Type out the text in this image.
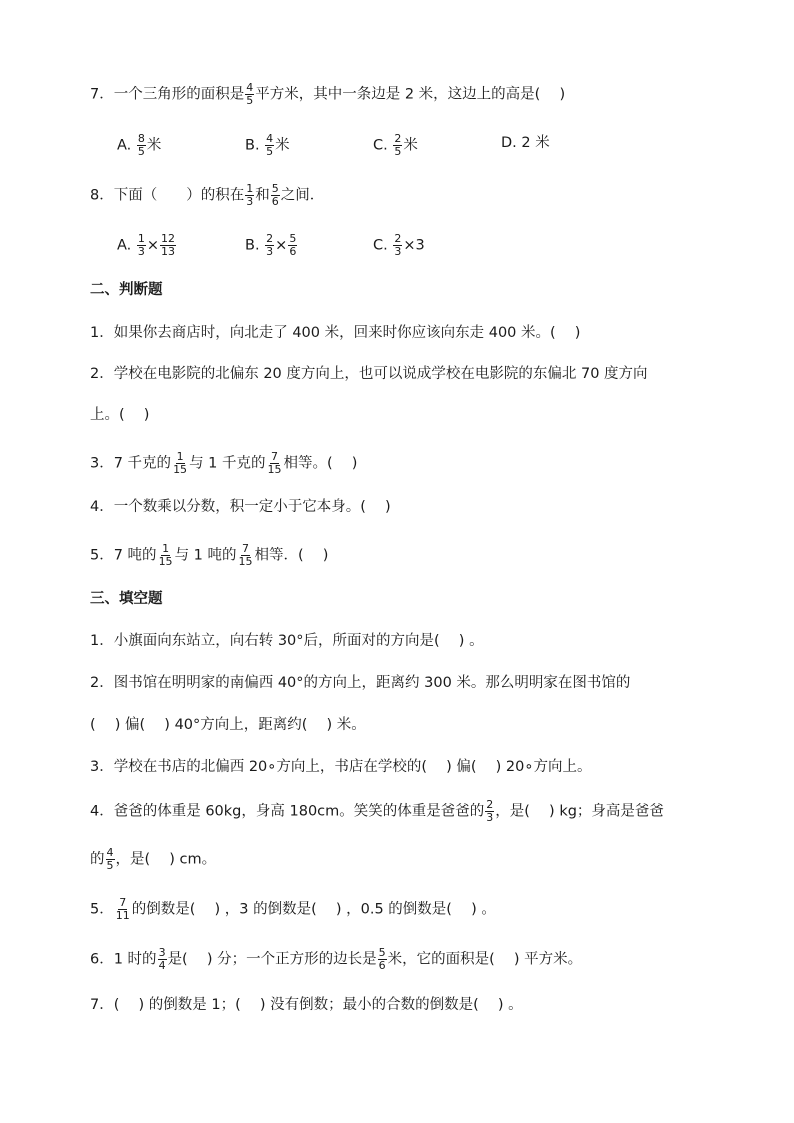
7．一个三角形的面积是 $\frac{4}{5}$ 平方米，其中一条边是 2 米，这边上的高是(　 )
A. $\frac{8}{5}$ 米	B. $\frac{4}{5}$ 米	C. $\frac{2}{5}$ 米	D. 2 米
8．下面（　　）的积在 $\frac{1}{3}$ 和 $\frac{5}{6}$ 之间．
A. $\frac{1}{3} \times \frac{12}{13}$	B. $\frac{2}{3} \times \frac{5}{6}$	C. $\frac{2}{3} \times 3$
二、判断题
1．如果你去商店时，向北走了 400 米，回来时你应该向东走 400 米。(　 )
2．学校在电影院的北偏东 20 度方向上，也可以说成学校在电影院的东偏北 70 度方向
上。(　 )
3．7 千克的 $\frac{1}{15}$ 与 1 千克的 $\frac{7}{15}$ 相等。(　 )
4．一个数乘以分数，积一定小于它本身。(　 )
5．7 吨的 $\frac{1}{15}$ 与 1 吨的 $\frac{7}{15}$ 相等．(　 )
三、填空题
1．小旗面向东站立，向右转 30°后，所面对的方向是(　 ) 。
2．图书馆在明明家的南偏西 40°的方向上，距离约 300 米。那么明明家在图书馆的
(　 ) 偏(　 ) 40°方向上，距离约(　 ) 米。
3．学校在书店的北偏西 20∘方向上，书店在学校的(　 ) 偏(　 ) 20∘方向上。
4．爸爸的体重是 60kg，身高 180cm。笑笑的体重是爸爸的 $\frac{2}{3}$ ，是(　 ) kg；身高是爸爸
的 $\frac{4}{5}$ ，是(　 ) cm。
5． $\frac{7}{11}$ 的倒数是(　 ) ，3 的倒数是(　 ) ，0.5 的倒数是(　 ) 。
6．1 时的 $\frac{3}{4}$ 是(　 ) 分；一个正方形的边长是 $\frac{5}{6}$ 米，它的面积是(　 ) 平方米。
7．(　 ) 的倒数是 1；(　 ) 没有倒数；最小的合数的倒数是(　 ) 。
